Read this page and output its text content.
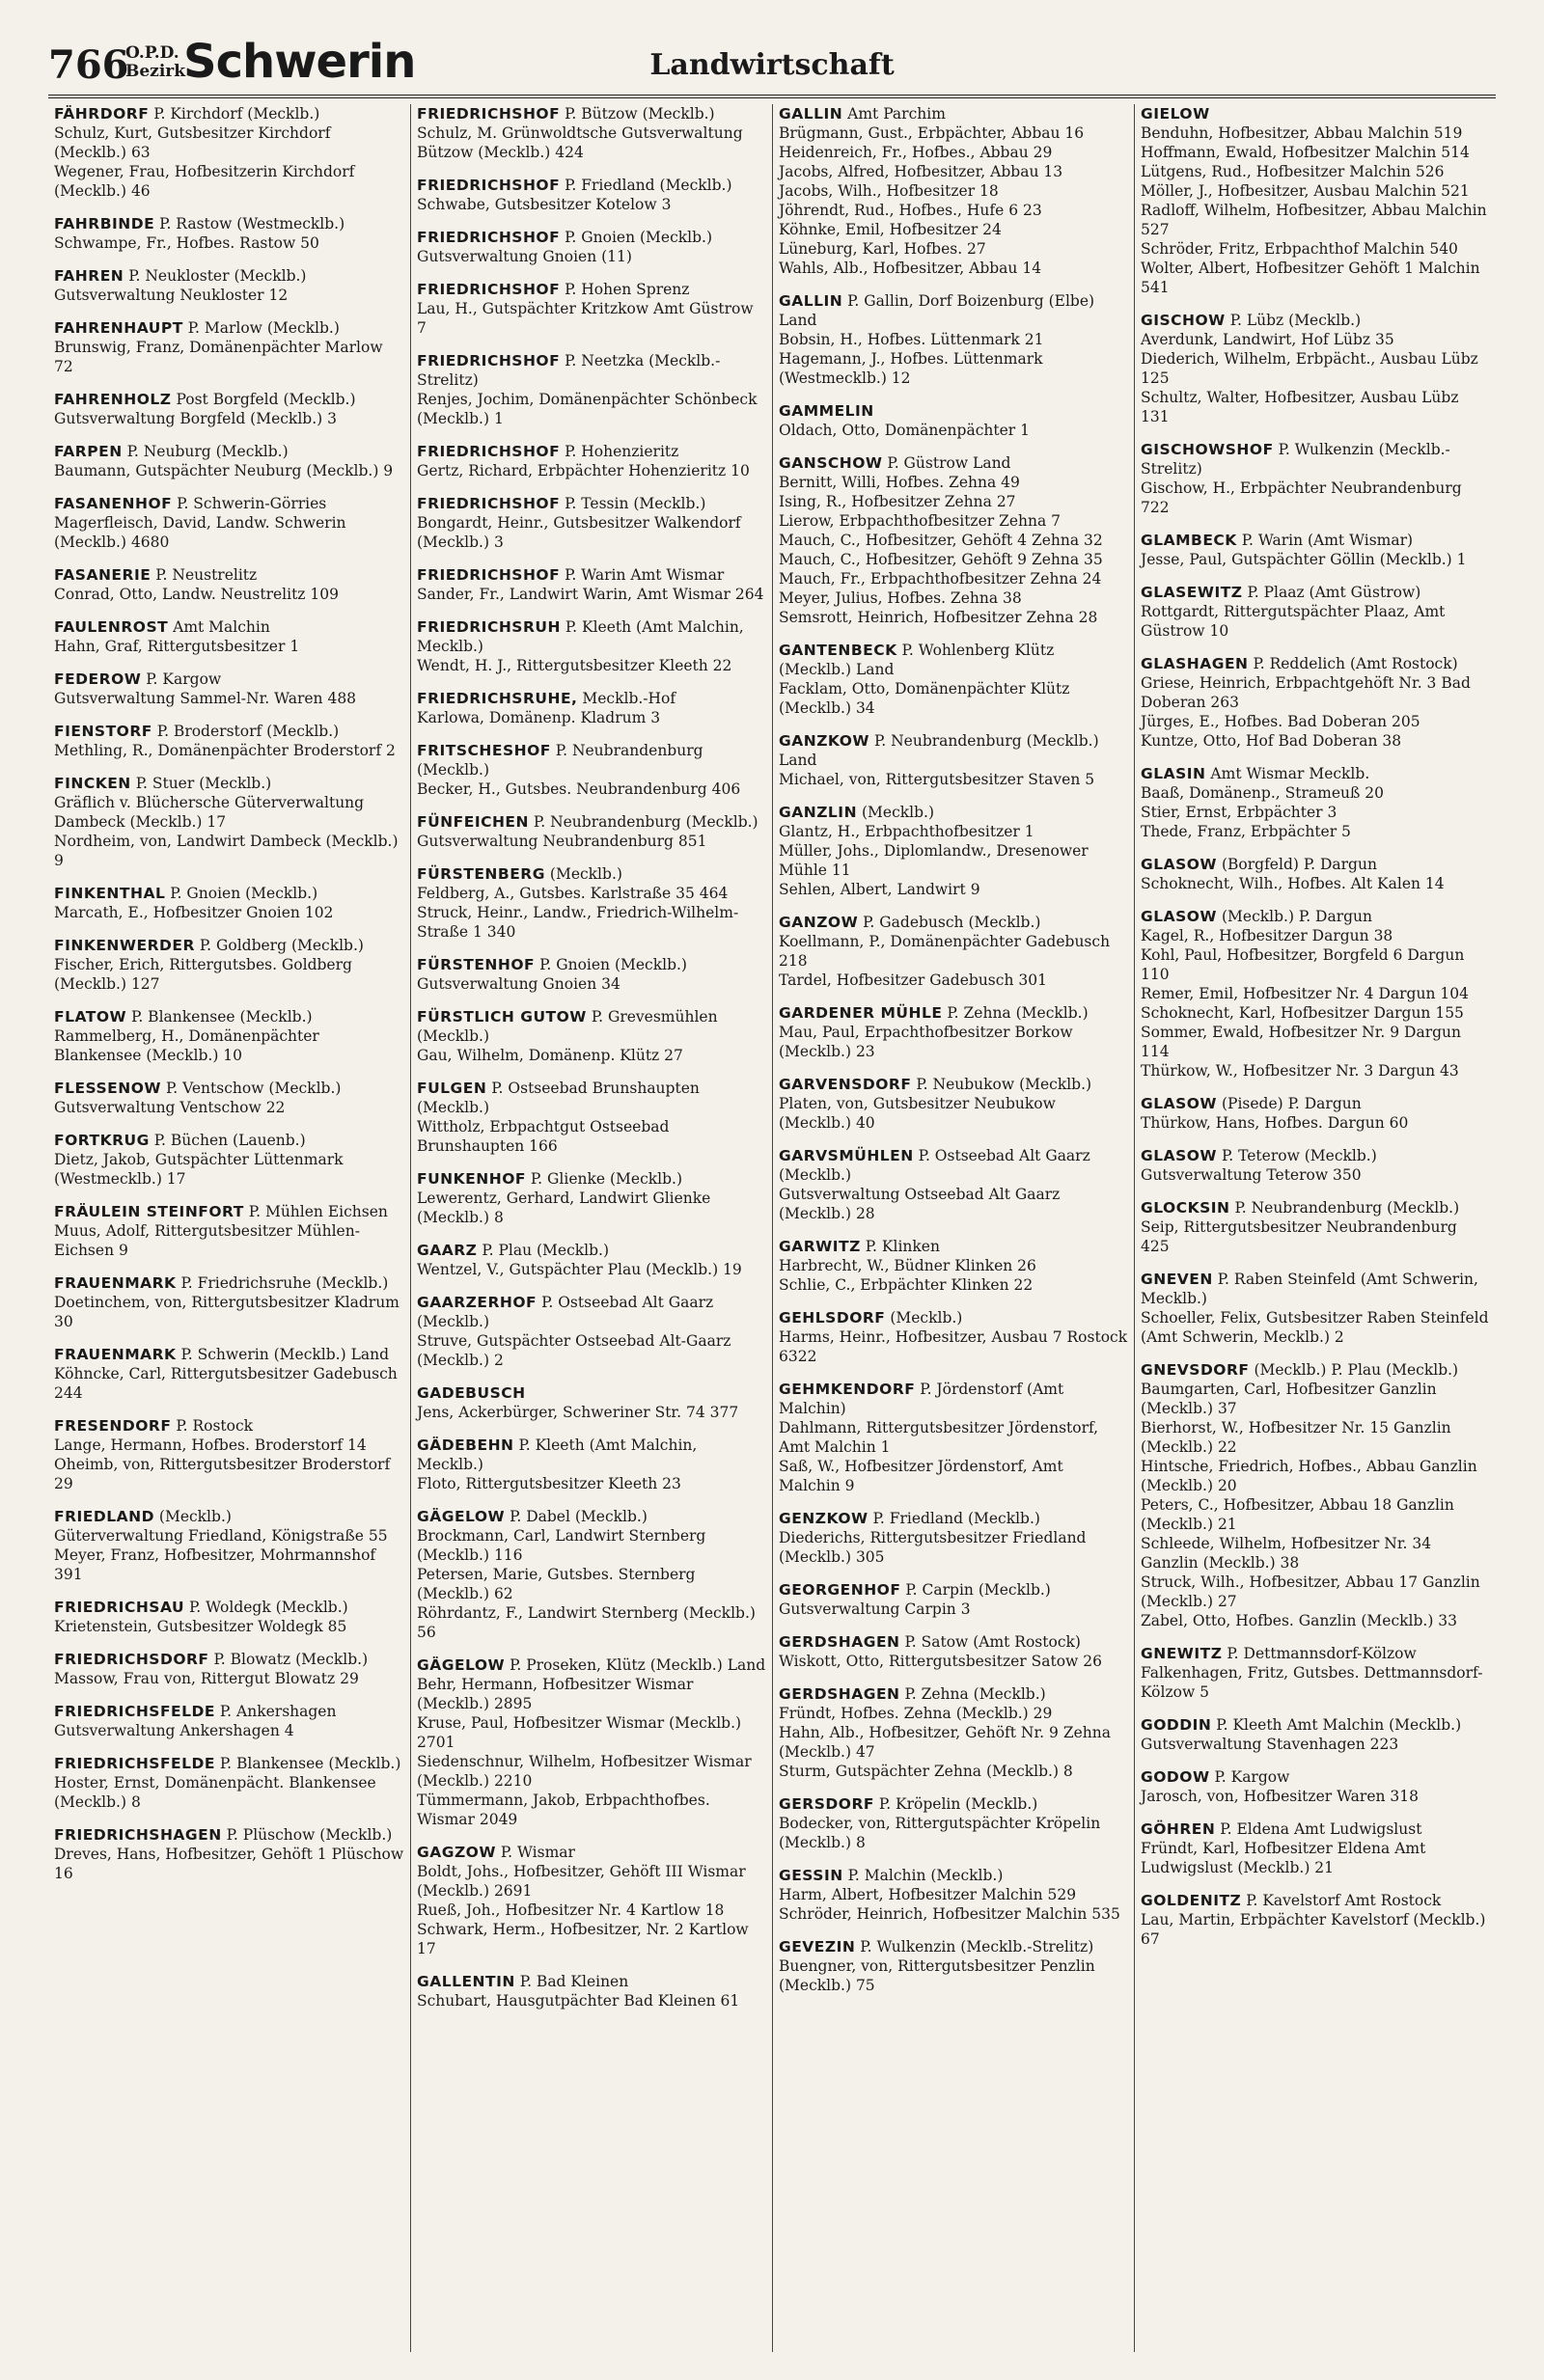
766
O.P.D.
Bezirk
Schwerin	Landwirtschaft
FÄHRDORF P. Kirchdorf (Mecklb.)
Schulz, Kurt, Gutsbesitzer Kirchdorf (Mecklb.) 63
Wegener, Frau, Hofbesitzerin Kirchdorf (Mecklb.) 46
FAHRBINDE P. Rastow (Westmecklb.)
Schwampe, Fr., Hofbes. Rastow 50
FAHREN P. Neukloster (Mecklb.)
Gutsverwaltung Neukloster 12
FAHRENHAUPT P. Marlow (Mecklb.)
Brunswig, Franz, Domänenpächter Marlow 72
FAHRENHOLZ Post Borgfeld (Mecklb.)
Gutsverwaltung Borgfeld (Mecklb.) 3
FARPEN P. Neuburg (Mecklb.)
Baumann, Gutspächter Neuburg (Mecklb.) 9
FASANENHOF P. Schwerin-Görries
Magerfleisch, David, Landw. Schwerin (Mecklb.) 4680
FASANERIE P. Neustrelitz
Conrad, Otto, Landw. Neustrelitz 109
FAULENROST Amt Malchin
Hahn, Graf, Rittergutsbesitzer 1
FEDEROW P. Kargow
Gutsverwaltung Sammel-Nr. Waren 488
FIENSTORF P. Broderstorf (Mecklb.)
Methling, R., Domänenpächter Broderstorf 2
FINCKEN P. Stuer (Mecklb.)
Gräflich v. Blüchersche Güterverwaltung Dambeck (Mecklb.) 17
Nordheim, von, Landwirt Dambeck (Mecklb.) 9
FINKENTHAL P. Gnoien (Mecklb.)
Marcath, E., Hofbesitzer Gnoien 102
FINKENWERDER P. Goldberg (Mecklb.)
Fischer, Erich, Rittergutsbes. Goldberg (Mecklb.) 127
FLATOW P. Blankensee (Mecklb.)
Rammelberg, H., Domänenpächter Blankensee (Mecklb.) 10
FLESSENOW P. Ventschow (Mecklb.)
Gutsverwaltung Ventschow 22
FORTKRUG P. Büchen (Lauenb.)
Dietz, Jakob, Gutspächter Lüttenmark (Westmecklb.) 17
FRÄULEIN STEINFORT P. Mühlen Eichsen
Muus, Adolf, Rittergutsbesitzer Mühlen-Eichsen 9
FRAUENMARK P. Friedrichsruhe (Mecklb.)
Doetinchem, von, Rittergutsbesitzer Kladrum 30
FRAUENMARK P. Schwerin (Mecklb.) Land
Köhncke, Carl, Rittergutsbesitzer Gadebusch 244
FRESENDORF P. Rostock
Lange, Hermann, Hofbes. Broderstorf 14
Oheimb, von, Rittergutsbesitzer Broderstorf 29
FRIEDLAND (Mecklb.)
Güterverwaltung Friedland, Königstraße 55
Meyer, Franz, Hofbesitzer, Mohrmannshof 391
FRIEDRICHSAU P. Woldegk (Mecklb.)
Krietenstein, Gutsbesitzer Woldegk 85
FRIEDRICHSDORF P. Blowatz (Mecklb.)
Massow, Frau von, Rittergut Blowatz 29
FRIEDRICHSFELDE P. Ankershagen
Gutsverwaltung Ankershagen 4
FRIEDRICHSFELDE P. Blankensee (Mecklb.)
Hoster, Ernst, Domänenpächt. Blankensee (Mecklb.) 8
FRIEDRICHSHAGEN P. Plüschow (Mecklb.)
Dreves, Hans, Hofbesitzer, Gehöft 1 Plüschow 16
FRIEDRICHSHOF P. Bützow (Mecklb.)
Schulz, M. Grünwoldtsche Gutsverwaltung Bützow (Mecklb.) 424
FRIEDRICHSHOF P. Friedland (Mecklb.)
Schwabe, Gutsbesitzer Kotelow 3
FRIEDRICHSHOF P. Gnoien (Mecklb.)
Gutsverwaltung Gnoien (11)
FRIEDRICHSHOF P. Hohen Sprenz
Lau, H., Gutspächter Kritzkow Amt Güstrow 7
FRIEDRICHSHOF P. Neetzka (Mecklb.-Strelitz)
Renjes, Jochim, Domänenpächter Schönbeck (Mecklb.) 1
FRIEDRICHSHOF P. Hohenzieritz
Gertz, Richard, Erbpächter Hohenzieritz 10
FRIEDRICHSHOF P. Tessin (Mecklb.)
Bongardt, Heinr., Gutsbesitzer Walkendorf (Mecklb.) 3
FRIEDRICHSHOF P. Warin Amt Wismar
Sander, Fr., Landwirt Warin, Amt Wismar 264
FRIEDRICHSRUH P. Kleeth (Amt Malchin, Mecklb.)
Wendt, H. J., Rittergutsbesitzer Kleeth 22
FRIEDRICHSRUHE, Mecklb.-Hof
Karlowa, Domänenp. Kladrum 3
FRITSCHESHOF P. Neubrandenburg (Mecklb.)
Becker, H., Gutsbes. Neubrandenburg 406
FÜNFEICHEN P. Neubrandenburg (Mecklb.)
Gutsverwaltung Neubrandenburg 851
FÜRSTENBERG (Mecklb.)
Feldberg, A., Gutsbes. Karlstraße 35 464
Struck, Heinr., Landw., Friedrich-Wilhelm-Straße 1 340
FÜRSTENHOF P. Gnoien (Mecklb.)
Gutsverwaltung Gnoien 34
FÜRSTLICH GUTOW P. Grevesmühlen (Mecklb.)
Gau, Wilhelm, Domänenp. Klütz 27
FULGEN P. Ostseebad Brunshaupten (Mecklb.)
Wittholz, Erbpachtgut Ostseebad Brunshaupten 166
FUNKENHOF P. Glienke (Mecklb.)
Lewerentz, Gerhard, Landwirt Glienke (Mecklb.) 8
GAARZ P. Plau (Mecklb.)
Wentzel, V., Gutspächter Plau (Mecklb.) 19
GAARZERHOF P. Ostseebad Alt Gaarz (Mecklb.)
Struve, Gutspächter Ostseebad Alt-Gaarz (Mecklb.) 2
GADEBUSCH
Jens, Ackerbürger, Schweriner Str. 74 377
GÄDEBEHN P. Kleeth (Amt Malchin, Mecklb.)
Floto, Rittergutsbesitzer Kleeth 23
GÄGELOW P. Dabel (Mecklb.)
Brockmann, Carl, Landwirt Sternberg (Mecklb.) 116
Petersen, Marie, Gutsbes. Sternberg (Mecklb.) 62
Röhrdantz, F., Landwirt Sternberg (Mecklb.) 56
GÄGELOW P. Proseken, Klütz (Mecklb.) Land
Behr, Hermann, Hofbesitzer Wismar (Mecklb.) 2895
Kruse, Paul, Hofbesitzer Wismar (Mecklb.) 2701
Siedenschnur, Wilhelm, Hofbesitzer Wismar (Mecklb.) 2210
Tümmermann, Jakob, Erbpachthofbes. Wismar 2049
GAGZOW P. Wismar
Boldt, Johs., Hofbesitzer, Gehöft III Wismar (Mecklb.) 2691
Rueß, Joh., Hofbesitzer Nr. 4 Kartlow 18
Schwark, Herm., Hofbesitzer, Nr. 2 Kartlow 17
GALLENTIN P. Bad Kleinen
Schubart, Hausgutpächter Bad Kleinen 61
GALLIN Amt Parchim
Brügmann, Gust., Erbpächter, Abbau 16
Heidenreich, Fr., Hofbes., Abbau 29
Jacobs, Alfred, Hofbesitzer, Abbau 13
Jacobs, Wilh., Hofbesitzer 18
Jöhrendt, Rud., Hofbes., Hufe 6 23
Köhnke, Emil, Hofbesitzer 24
Lüneburg, Karl, Hofbes. 27
Wahls, Alb., Hofbesitzer, Abbau 14
GALLIN P. Gallin, Dorf Boizenburg (Elbe) Land
Bobsin, H., Hofbes. Lüttenmark 21
Hagemann, J., Hofbes. Lüttenmark (Westmecklb.) 12
GAMMELIN
Oldach, Otto, Domänenpächter 1
GANSCHOW P. Güstrow Land
Bernitt, Willi, Hofbes. Zehna 49
Ising, R., Hofbesitzer Zehna 27
Lierow, Erbpachthofbesitzer Zehna 7
Mauch, C., Hofbesitzer, Gehöft 4 Zehna 32
Mauch, C., Hofbesitzer, Gehöft 9 Zehna 35
Mauch, Fr., Erbpachthofbesitzer Zehna 24
Meyer, Julius, Hofbes. Zehna 38
Semsrott, Heinrich, Hofbesitzer Zehna 28
GANTENBECK P. Wohlenberg Klütz (Mecklb.) Land
Facklam, Otto, Domänenpächter Klütz (Mecklb.) 34
GANZKOW P. Neubrandenburg (Mecklb.) Land
Michael, von, Rittergutsbesitzer Staven 5
GANZLIN (Mecklb.)
Glantz, H., Erbpachthofbesitzer 1
Müller, Johs., Diplomlandw., Dresenower Mühle 11
Sehlen, Albert, Landwirt 9
GANZOW P. Gadebusch (Mecklb.)
Koellmann, P., Domänenpächter Gadebusch 218
Tardel, Hofbesitzer Gadebusch 301
GARDENER MÜHLE P. Zehna (Mecklb.)
Mau, Paul, Erpachthofbesitzer Borkow (Mecklb.) 23
GARVENSDORF P. Neubukow (Mecklb.)
Platen, von, Gutsbesitzer Neubukow (Mecklb.) 40
GARVSMÜHLEN P. Ostseebad Alt Gaarz (Mecklb.)
Gutsverwaltung Ostseebad Alt Gaarz (Mecklb.) 28
GARWITZ P. Klinken
Harbrecht, W., Büdner Klinken 26
Schlie, C., Erbpächter Klinken 22
GEHLSDORF (Mecklb.)
Harms, Heinr., Hofbesitzer, Ausbau 7 Rostock 6322
GEHMKENDORF P. Jördenstorf (Amt Malchin)
Dahlmann, Rittergutsbesitzer Jördenstorf, Amt Malchin 1
Saß, W., Hofbesitzer Jördenstorf, Amt Malchin 9
GENZKOW P. Friedland (Mecklb.)
Diederichs, Rittergutsbesitzer Friedland (Mecklb.) 305
GEORGENHOF P. Carpin (Mecklb.)
Gutsverwaltung Carpin 3
GERDSHAGEN P. Satow (Amt Rostock)
Wiskott, Otto, Rittergutsbesitzer Satow 26
GERDSHAGEN P. Zehna (Mecklb.)
Fründt, Hofbes. Zehna (Mecklb.) 29
Hahn, Alb., Hofbesitzer, Gehöft Nr. 9 Zehna (Mecklb.) 47
Sturm, Gutspächter Zehna (Mecklb.) 8
GERSDORF P. Kröpelin (Mecklb.)
Bodecker, von, Rittergutspächter Kröpelin (Mecklb.) 8
GESSIN P. Malchin (Mecklb.)
Harm, Albert, Hofbesitzer Malchin 529
Schröder, Heinrich, Hofbesitzer Malchin 535
GEVEZIN P. Wulkenzin (Mecklb.-Strelitz)
Buengner, von, Rittergutsbesitzer Penzlin (Mecklb.) 75
GIELOW
Benduhn, Hofbesitzer, Abbau Malchin 519
Hoffmann, Ewald, Hofbesitzer Malchin 514
Lütgens, Rud., Hofbesitzer Malchin 526
Möller, J., Hofbesitzer, Ausbau Malchin 521
Radloff, Wilhelm, Hofbesitzer, Abbau Malchin 527
Schröder, Fritz, Erbpachthof Malchin 540
Wolter, Albert, Hofbesitzer Gehöft 1 Malchin 541
GISCHOW P. Lübz (Mecklb.)
Averdunk, Landwirt, Hof Lübz 35
Diederich, Wilhelm, Erbpächt., Ausbau Lübz 125
Schultz, Walter, Hofbesitzer, Ausbau Lübz 131
GISCHOWSHOF P. Wulkenzin (Mecklb.-Strelitz)
Gischow, H., Erbpächter Neubrandenburg 722
GLAMBECK P. Warin (Amt Wismar)
Jesse, Paul, Gutspächter Göllin (Mecklb.) 1
GLASEWITZ P. Plaaz (Amt Güstrow)
Rottgardt, Rittergutspächter Plaaz, Amt Güstrow 10
GLASHAGEN P. Reddelich (Amt Rostock)
Griese, Heinrich, Erbpachtgehöft Nr. 3 Bad Doberan 263
Jürges, E., Hofbes. Bad Doberan 205
Kuntze, Otto, Hof Bad Doberan 38
GLASIN Amt Wismar Mecklb.
Baaß, Domänenp., Strameuß 20
Stier, Ernst, Erbpächter 3
Thede, Franz, Erbpächter 5
GLASOW (Borgfeld) P. Dargun
Schoknecht, Wilh., Hofbes. Alt Kalen 14
GLASOW (Mecklb.) P. Dargun
Kagel, R., Hofbesitzer Dargun 38
Kohl, Paul, Hofbesitzer, Borgfeld 6 Dargun 110
Remer, Emil, Hofbesitzer Nr. 4 Dargun 104
Schoknecht, Karl, Hofbesitzer Dargun 155
Sommer, Ewald, Hofbesitzer Nr. 9 Dargun 114
Thürkow, W., Hofbesitzer Nr. 3 Dargun 43
GLASOW (Pisede) P. Dargun
Thürkow, Hans, Hofbes. Dargun 60
GLASOW P. Teterow (Mecklb.)
Gutsverwaltung Teterow 350
GLOCKSIN P. Neubrandenburg (Mecklb.)
Seip, Rittergutsbesitzer Neubrandenburg 425
GNEVEN P. Raben Steinfeld (Amt Schwerin, Mecklb.)
Schoeller, Felix, Gutsbesitzer Raben Steinfeld (Amt Schwerin, Mecklb.) 2
GNEVSDORF (Mecklb.) P. Plau (Mecklb.)
Baumgarten, Carl, Hofbesitzer Ganzlin (Mecklb.) 37
Bierhorst, W., Hofbesitzer Nr. 15 Ganzlin (Mecklb.) 22
Hintsche, Friedrich, Hofbes., Abbau Ganzlin (Mecklb.) 20
Peters, C., Hofbesitzer, Abbau 18 Ganzlin (Mecklb.) 21
Schleede, Wilhelm, Hofbesitzer Nr. 34 Ganzlin (Mecklb.) 38
Struck, Wilh., Hofbesitzer, Abbau 17 Ganzlin (Mecklb.) 27
Zabel, Otto, Hofbes. Ganzlin (Mecklb.) 33
GNEWITZ P. Dettmannsdorf-Kölzow
Falkenhagen, Fritz, Gutsbes. Dettmannsdorf-Kölzow 5
GODDIN P. Kleeth Amt Malchin (Mecklb.)
Gutsverwaltung Stavenhagen 223
GODOW P. Kargow
Jarosch, von, Hofbesitzer Waren 318
GÖHREN P. Eldena Amt Ludwigslust
Fründt, Karl, Hofbesitzer Eldena Amt Ludwigslust (Mecklb.) 21
GOLDENITZ P. Kavelstorf Amt Rostock
Lau, Martin, Erbpächter Kavelstorf (Mecklb.) 67
